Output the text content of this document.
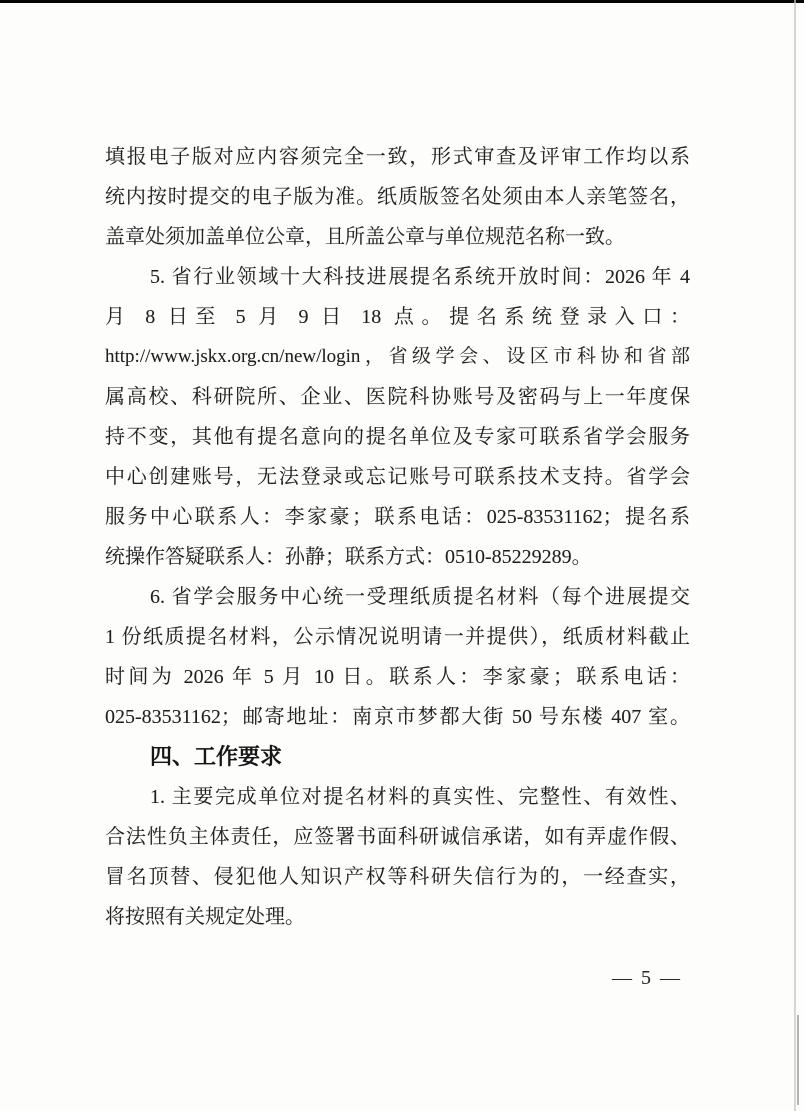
填报电子版对应内容须完全一致，形式审查及评审工作均以系
统内按时提交的电子版为准。纸质版签名处须由本人亲笔签名，
盖章处须加盖单位公章，且所盖公章与单位规范名称一致。
5. 省行业领域十大科技进展提名系统开放时间：2026 年 4
月 8 日至 5 月 9 日 18 点。提名系统登录入口：
http://www.jskx.org.cn/new/login，省级学会、设区市科协和省部
属高校、科研院所、企业、医院科协账号及密码与上一年度保
持不变，其他有提名意向的提名单位及专家可联系省学会服务
中心创建账号，无法登录或忘记账号可联系技术支持。省学会
服务中心联系人：李家豪；联系电话：025-83531162；提名系
统操作答疑联系人：孙静；联系方式：0510-85229289。
6. 省学会服务中心统一受理纸质提名材料（每个进展提交
1 份纸质提名材料，公示情况说明请一并提供），纸质材料截止
时间为 2026 年 5 月 10 日。联系人：李家豪；联系电话：
025-83531162；邮寄地址：南京市梦都大街 50 号东楼 407 室。
四、工作要求
1. 主要完成单位对提名材料的真实性、完整性、有效性、
合法性负主体责任，应签署书面科研诚信承诺，如有弄虚作假、
冒名顶替、侵犯他人知识产权等科研失信行为的，一经查实，
将按照有关规定处理。
— 5 —
